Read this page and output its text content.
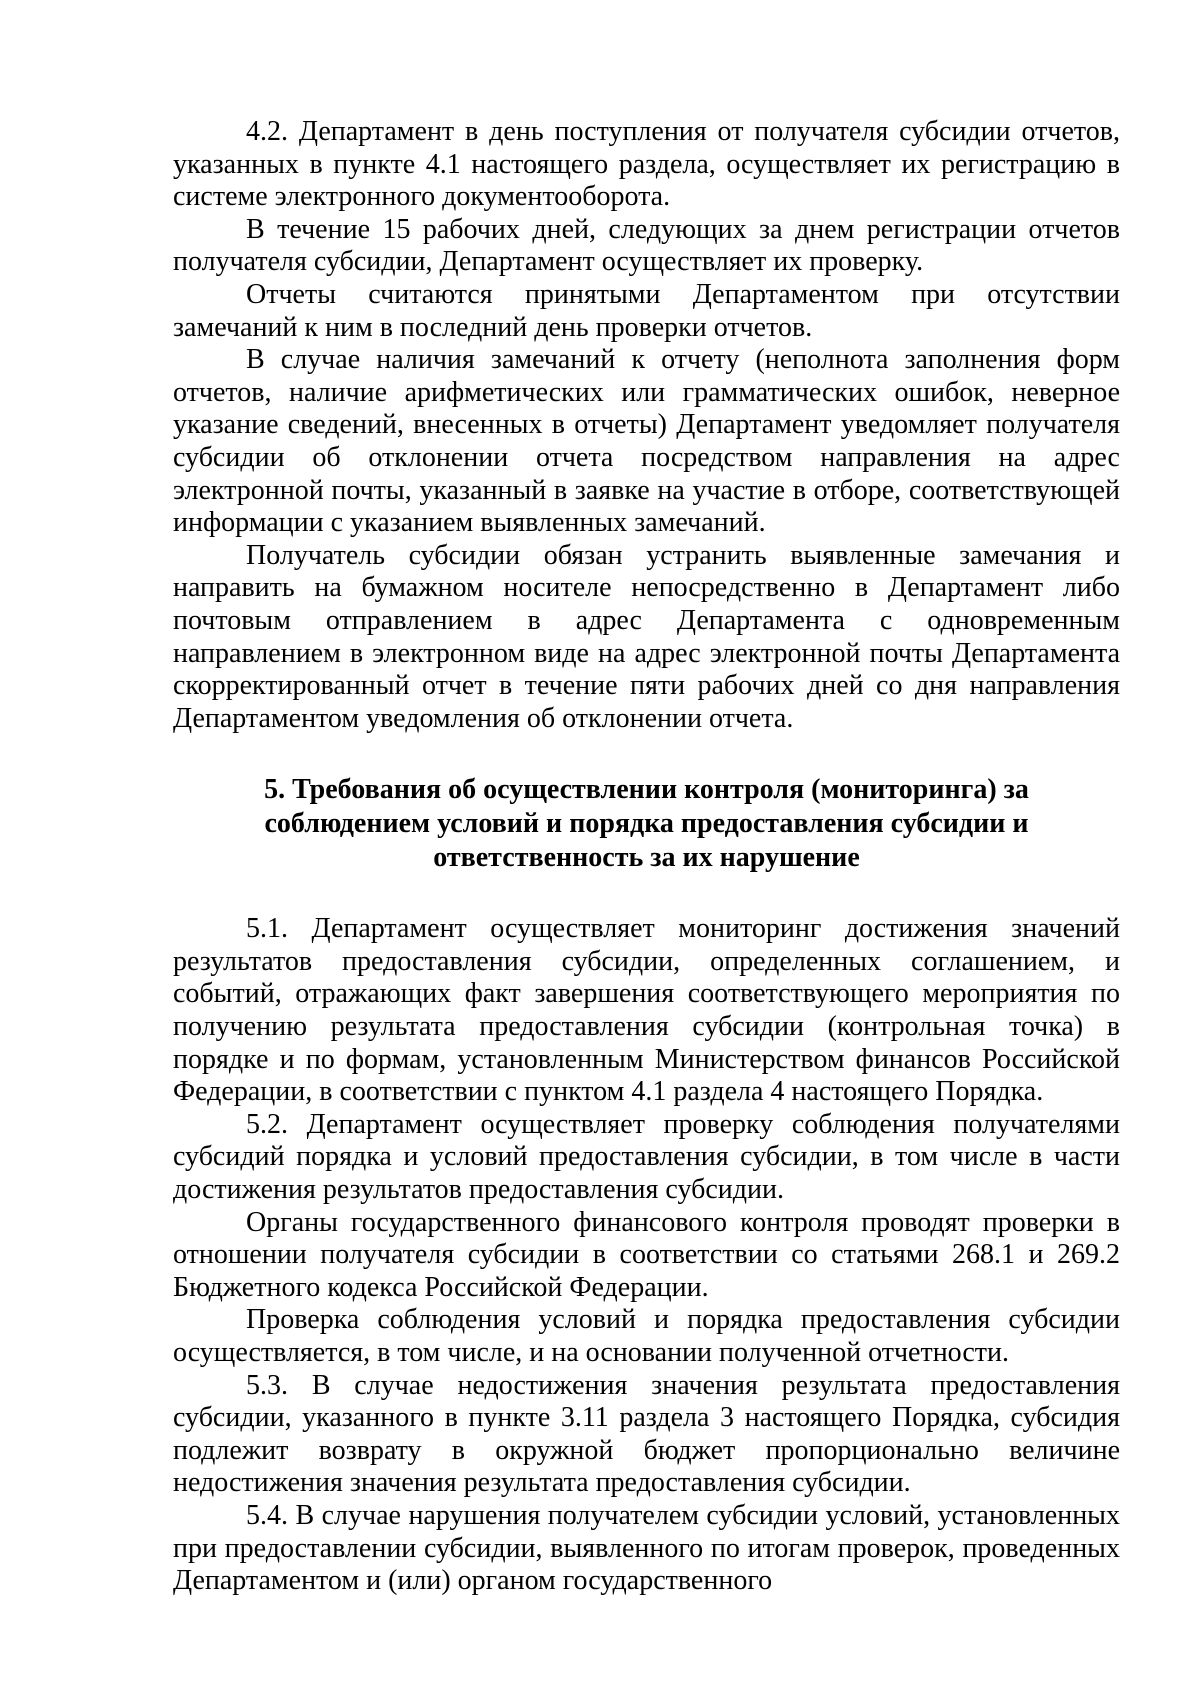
4.2. Департамент в день поступления от получателя субсидии отчетов, указанных в пункте 4.1 настоящего раздела, осуществляет их регистрацию в системе электронного документооборота.

В течение 15 рабочих дней, следующих за днем регистрации отчетов получателя субсидии, Департамент осуществляет их проверку.

Отчеты считаются принятыми Департаментом при отсутствии замечаний к ним в последний день проверки отчетов.

В случае наличия замечаний к отчету (неполнота заполнения форм отчетов, наличие арифметических или грамматических ошибок, неверное указание сведений, внесенных в отчеты) Департамент уведомляет получателя субсидии об отклонении отчета посредством направления на адрес электронной почты, указанный в заявке на участие в отборе, соответствующей информации с указанием выявленных замечаний.

Получатель субсидии обязан устранить выявленные замечания и направить на бумажном носителе непосредственно в Департамент либо почтовым отправлением в адрес Департамента с одновременным направлением в электронном виде на адрес электронной почты Департамента скорректированный отчет в течение пяти рабочих дней со дня направления Департаментом уведомления об отклонении отчета.

5. Требования об осуществлении контроля (мониторинга) за соблюдением условий и порядка предоставления субсидии и ответственность за их нарушение

5.1. Департамент осуществляет мониторинг достижения значений результатов предоставления субсидии, определенных соглашением, и событий, отражающих факт завершения соответствующего мероприятия по получению результата предоставления субсидии (контрольная точка) в порядке и по формам, установленным Министерством финансов Российской Федерации, в соответствии с пунктом 4.1 раздела 4 настоящего Порядка.

5.2. Департамент осуществляет проверку соблюдения получателями субсидий порядка и условий предоставления субсидии, в том числе в части достижения результатов предоставления субсидии.

Органы государственного финансового контроля проводят проверки в отношении получателя субсидии в соответствии со статьями 268.1 и 269.2 Бюджетного кодекса Российской Федерации.

Проверка соблюдения условий и порядка предоставления субсидии осуществляется, в том числе, и на основании полученной отчетности.

5.3. В случае недостижения значения результата предоставления субсидии, указанного в пункте 3.11 раздела 3 настоящего Порядка, субсидия подлежит возврату в окружной бюджет пропорционально величине недостижения значения результата предоставления субсидии.

5.4. В случае нарушения получателем субсидии условий, установленных при предоставлении субсидии, выявленного по итогам проверок, проведенных Департаментом и (или) органом государственного
